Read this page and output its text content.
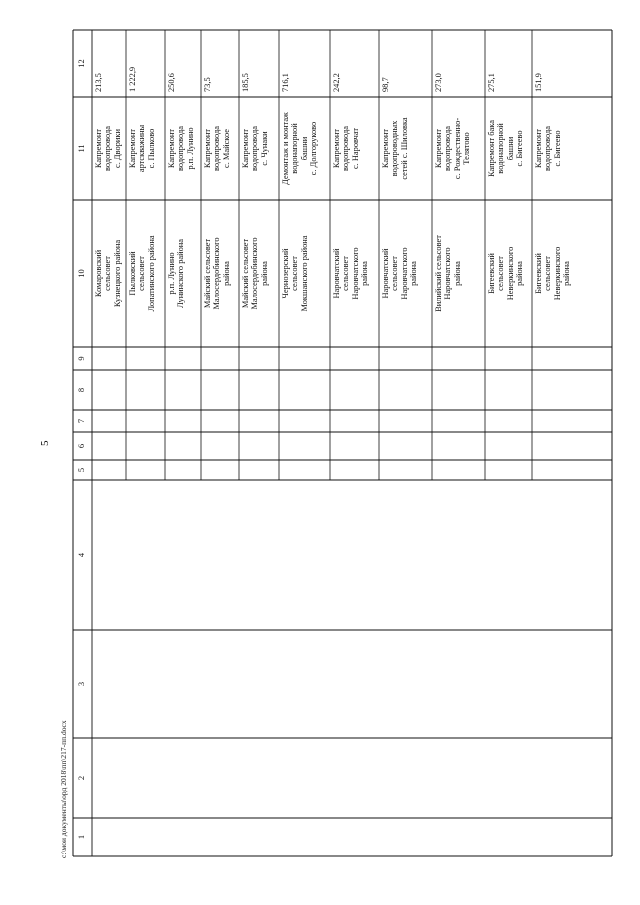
5
c:\мои документы\орд 2018\пп\217-пп.docx	1
2
3
4
5
6
7
8
9
10
11
12
Комаровский сельсовет Кузнецкого района
Капремонт водопровода с. Дворики
213,5
Пылковский сельсовет Лопатинского района
Капремонт артскважины с. Пылково
1 222,9
р.п. Лунино Лунинского района
Капремонт водопровода р.п. Лунино
250,6
Майский сельсовет Малосердобинского района
Капремонт водопровода с. Майское
73,5
Майский сельсовет Малосердобинского района
Капремонт водопровода с. Чунаки
185,5
Чернозерский сельсовет Мокшанского района
Демонтаж и монтаж водонапорной башни с. Долгоруково
716,1
Наровчатский сельсовет Наровчатского района
Капремонт водопровода с. Наровчат
242,2
Наровчатский сельсовет Наровчатского района
Капремонт водопроводных сетей с. Шиловка
98,7
Вилийский сельсовет Наровчатского района
Капремонт водопровода с. Рождественно- Телятово
273,0
Бигеевский сельсовет Неверкинского района
Капремонт бака водонапорной башни с. Бигеево
275,1
Бигеевский сельсовет Неверкинского района
Капремонт водопровода с. Бигеево
151,9
